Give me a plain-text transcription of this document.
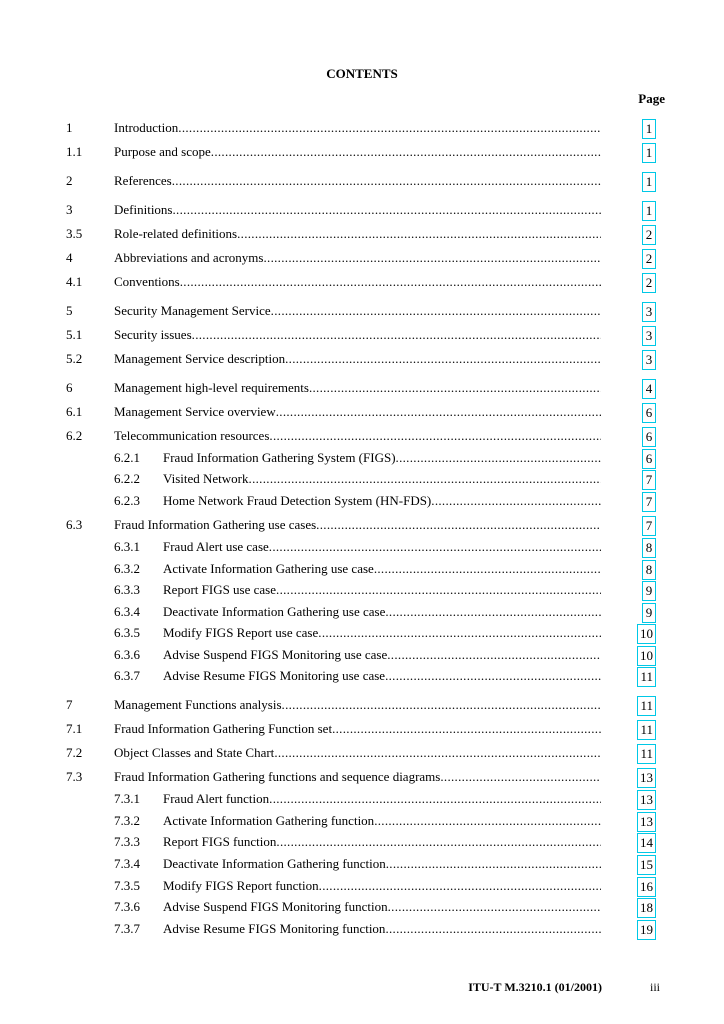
CONTENTS
Page
1	Introduction .....	1
1.1 Purpose and scope .....	1
2	References .....	1
3	Definitions .....	1
3.5 Role-related definitions .....	2
4	Abbreviations and acronyms .....	2
4.1 Conventions .....	2
5	Security Management Service .....	3
5.1 Security issues .....	3
5.2 Management Service description .....	3
6	Management high-level requirements .....	4
6.1 Management Service overview .....	6
6.2 Telecommunication resources .....	6
6.2.1 Fraud Information Gathering System (FIGS) .....	6
6.2.2 Visited Network .....	7
6.2.3 Home Network Fraud Detection System (HN-FDS) .....	7
6.3 Fraud Information Gathering use cases .....	7
6.3.1 Fraud Alert use case .....	8
6.3.2 Activate Information Gathering use case .....	8
6.3.3 Report FIGS use case .....	9
6.3.4 Deactivate Information Gathering use case .....	9
6.3.5 Modify FIGS Report use case .....	10
6.3.6 Advise Suspend FIGS Monitoring use case .....	10
6.3.7 Advise Resume FIGS Monitoring use case .....	11
7	Management Functions analysis .....	11
7.1 Fraud Information Gathering Function set .....	11
7.2 Object Classes and State Chart .....	11
7.3 Fraud Information Gathering functions and sequence diagrams .....	13
7.3.1 Fraud Alert function .....	13
7.3.2 Activate Information Gathering function .....	13
7.3.3 Report FIGS function .....	14
7.3.4 Deactivate Information Gathering function .....	15
7.3.5 Modify FIGS Report function .....	16
7.3.6 Advise Suspend FIGS Monitoring function .....	18
7.3.7 Advise Resume FIGS Monitoring function .....	19
ITU-T M.3210.1 (01/2001)	iii
